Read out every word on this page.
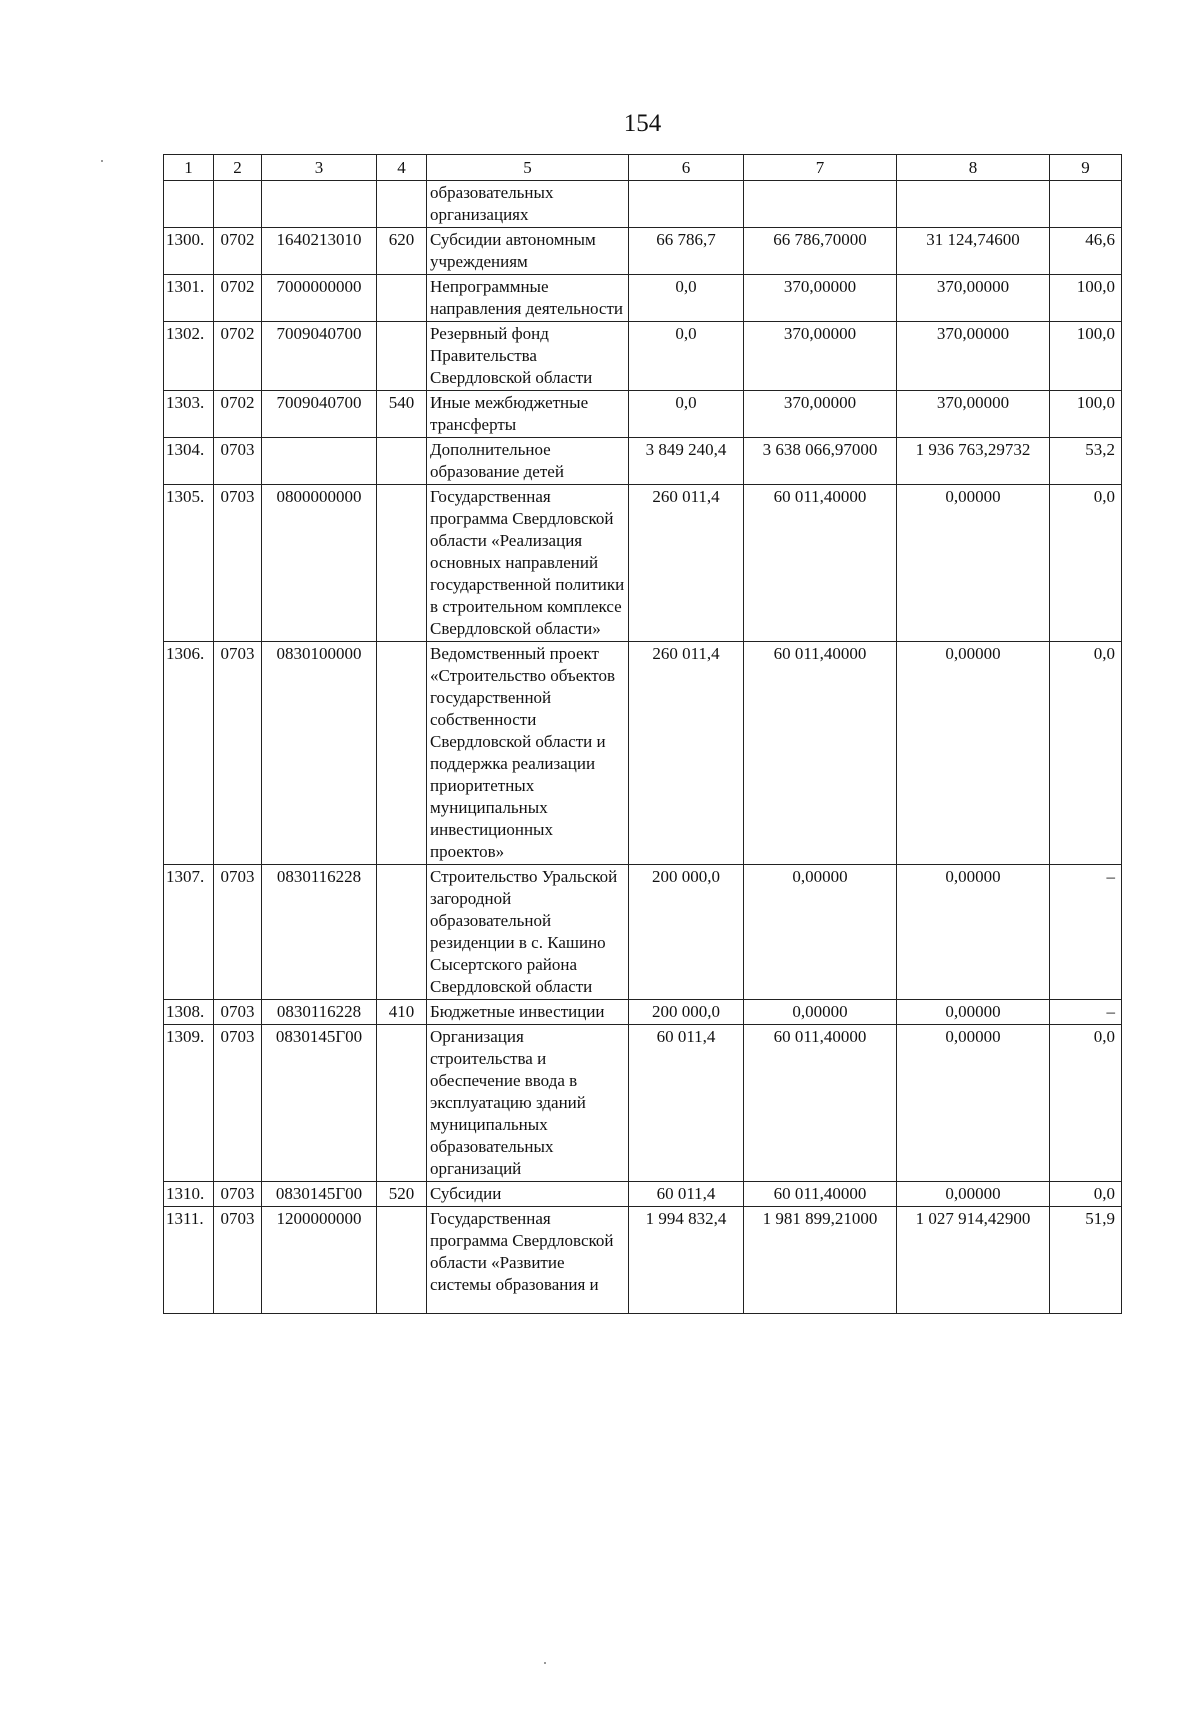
154
1	2	3	4	5	6	7	8	9
				образовательных организациях				
1300.	0702	1640213010	620	Субсидии автономным учреждениям	66 786,7	66 786,70000	31 124,74600	46,6
1301.	0702	7000000000		Непрограммные направления деятельности	0,0	370,00000	370,00000	100,0
1302.	0702	7009040700		Резервный фонд Правительства Свердловской области	0,0	370,00000	370,00000	100,0
1303.	0702	7009040700	540	Иные межбюджетные трансферты	0,0	370,00000	370,00000	100,0
1304.	0703			Дополнительное образование детей	3 849 240,4	3 638 066,97000	1 936 763,29732	53,2
1305.	0703	0800000000		Государственная программа Свердловской области «Реализация основных направлений государственной политики в строительном комплексе Свердловской области»	260 011,4	60 011,40000	0,00000	0,0
1306.	0703	0830100000		Ведомственный проект «Строительство объектов государственной собственности Свердловской области и поддержка реализации приоритетных муниципальных инвестиционных проектов»	260 011,4	60 011,40000	0,00000	0,0
1307.	0703	0830116228		Строительство Уральской загородной образовательной резиденции в с. Кашино Сысертского района Свердловской области	200 000,0	0,00000	0,00000	–
1308.	0703	0830116228	410	Бюджетные инвестиции	200 000,0	0,00000	0,00000	–
1309.	0703	0830145Г00		Организация строительства и обеспечение ввода в эксплуатацию зданий муниципальных образовательных организаций	60 011,4	60 011,40000	0,00000	0,0
1310.	0703	0830145Г00	520	Субсидии	60 011,4	60 011,40000	0,00000	0,0
1311.	0703	1200000000		Государственная программа Свердловской области «Развитие системы образования и	1 994 832,4	1 981 899,21000	1 027 914,42900	51,9
